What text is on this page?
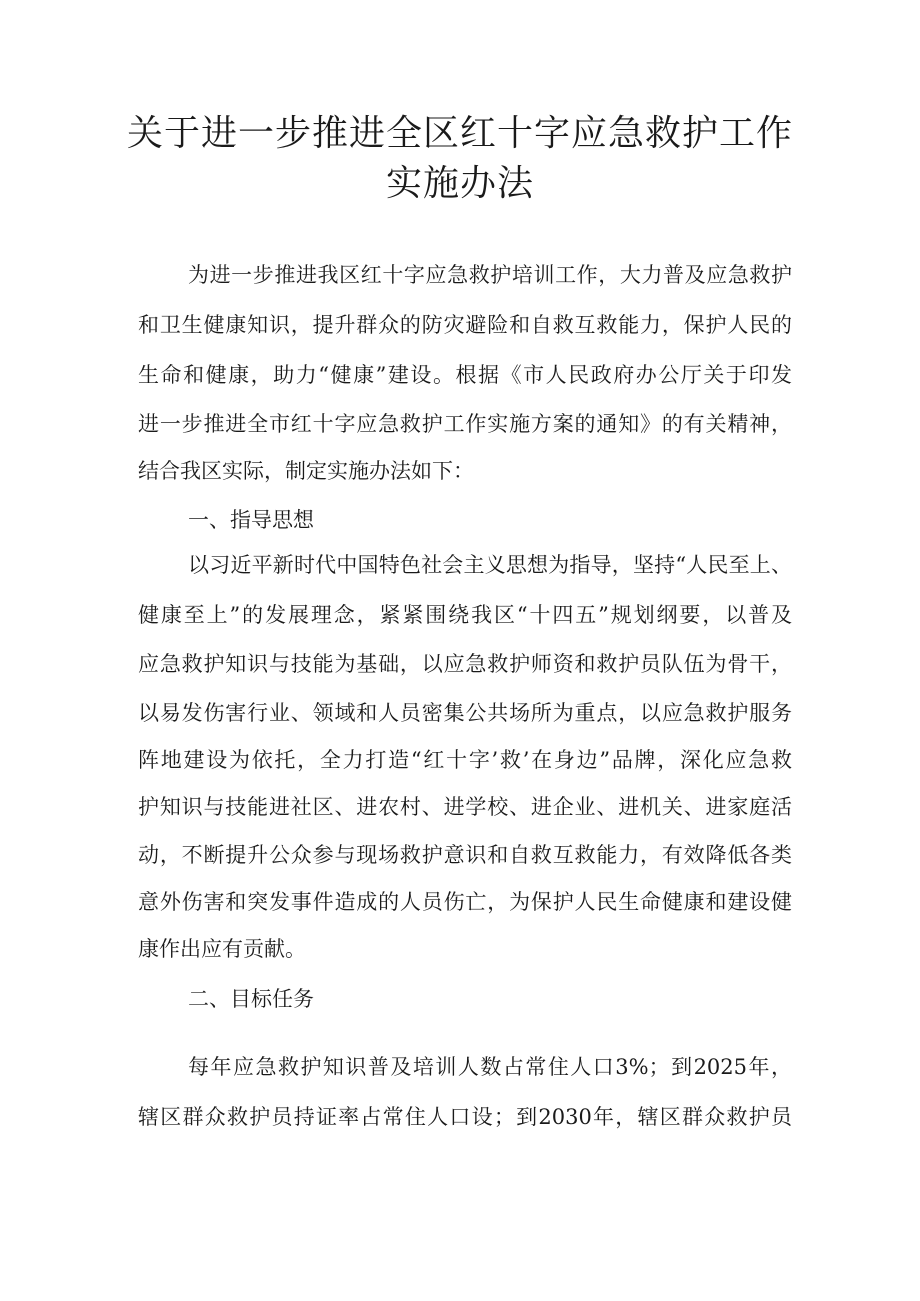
关于进一步推进全区红十字应急救护工作
实施办法

为进一步推进我区红十字应急救护培训工作，大力普及应急救护

和卫生健康知识，提升群众的防灾避险和自救互救能力，保护人民的

生命和健康，助力“健康”建设。根据《市人民政府办公厅关于印发

进一步推进全市红十字应急救护工作实施方案的通知》的有关精神，

结合我区实际，制定实施办法如下：

一、指导思想

以习近平新时代中国特色社会主义思想为指导，坚持“人民至上、

健康至上”的发展理念，紧紧围绕我区“十四五”规划纲要，以普及

应急救护知识与技能为基础，以应急救护师资和救护员队伍为骨干，

以易发伤害行业、领域和人员密集公共场所为重点，以应急救护服务

阵地建设为依托，全力打造“红十字’救’在身边”品牌，深化应急救

护知识与技能进社区、进农村、进学校、进企业、进机关、进家庭活

动，不断提升公众参与现场救护意识和自救互救能力，有效降低各类

意外伤害和突发事件造成的人员伤亡，为保护人民生命健康和建设健

康作出应有贡献。

二、目标任务

每年应急救护知识普及培训人数占常住人口3%；到2025年，

辖区群众救护员持证率占常住人口设；到2030年，辖区群众救护员
